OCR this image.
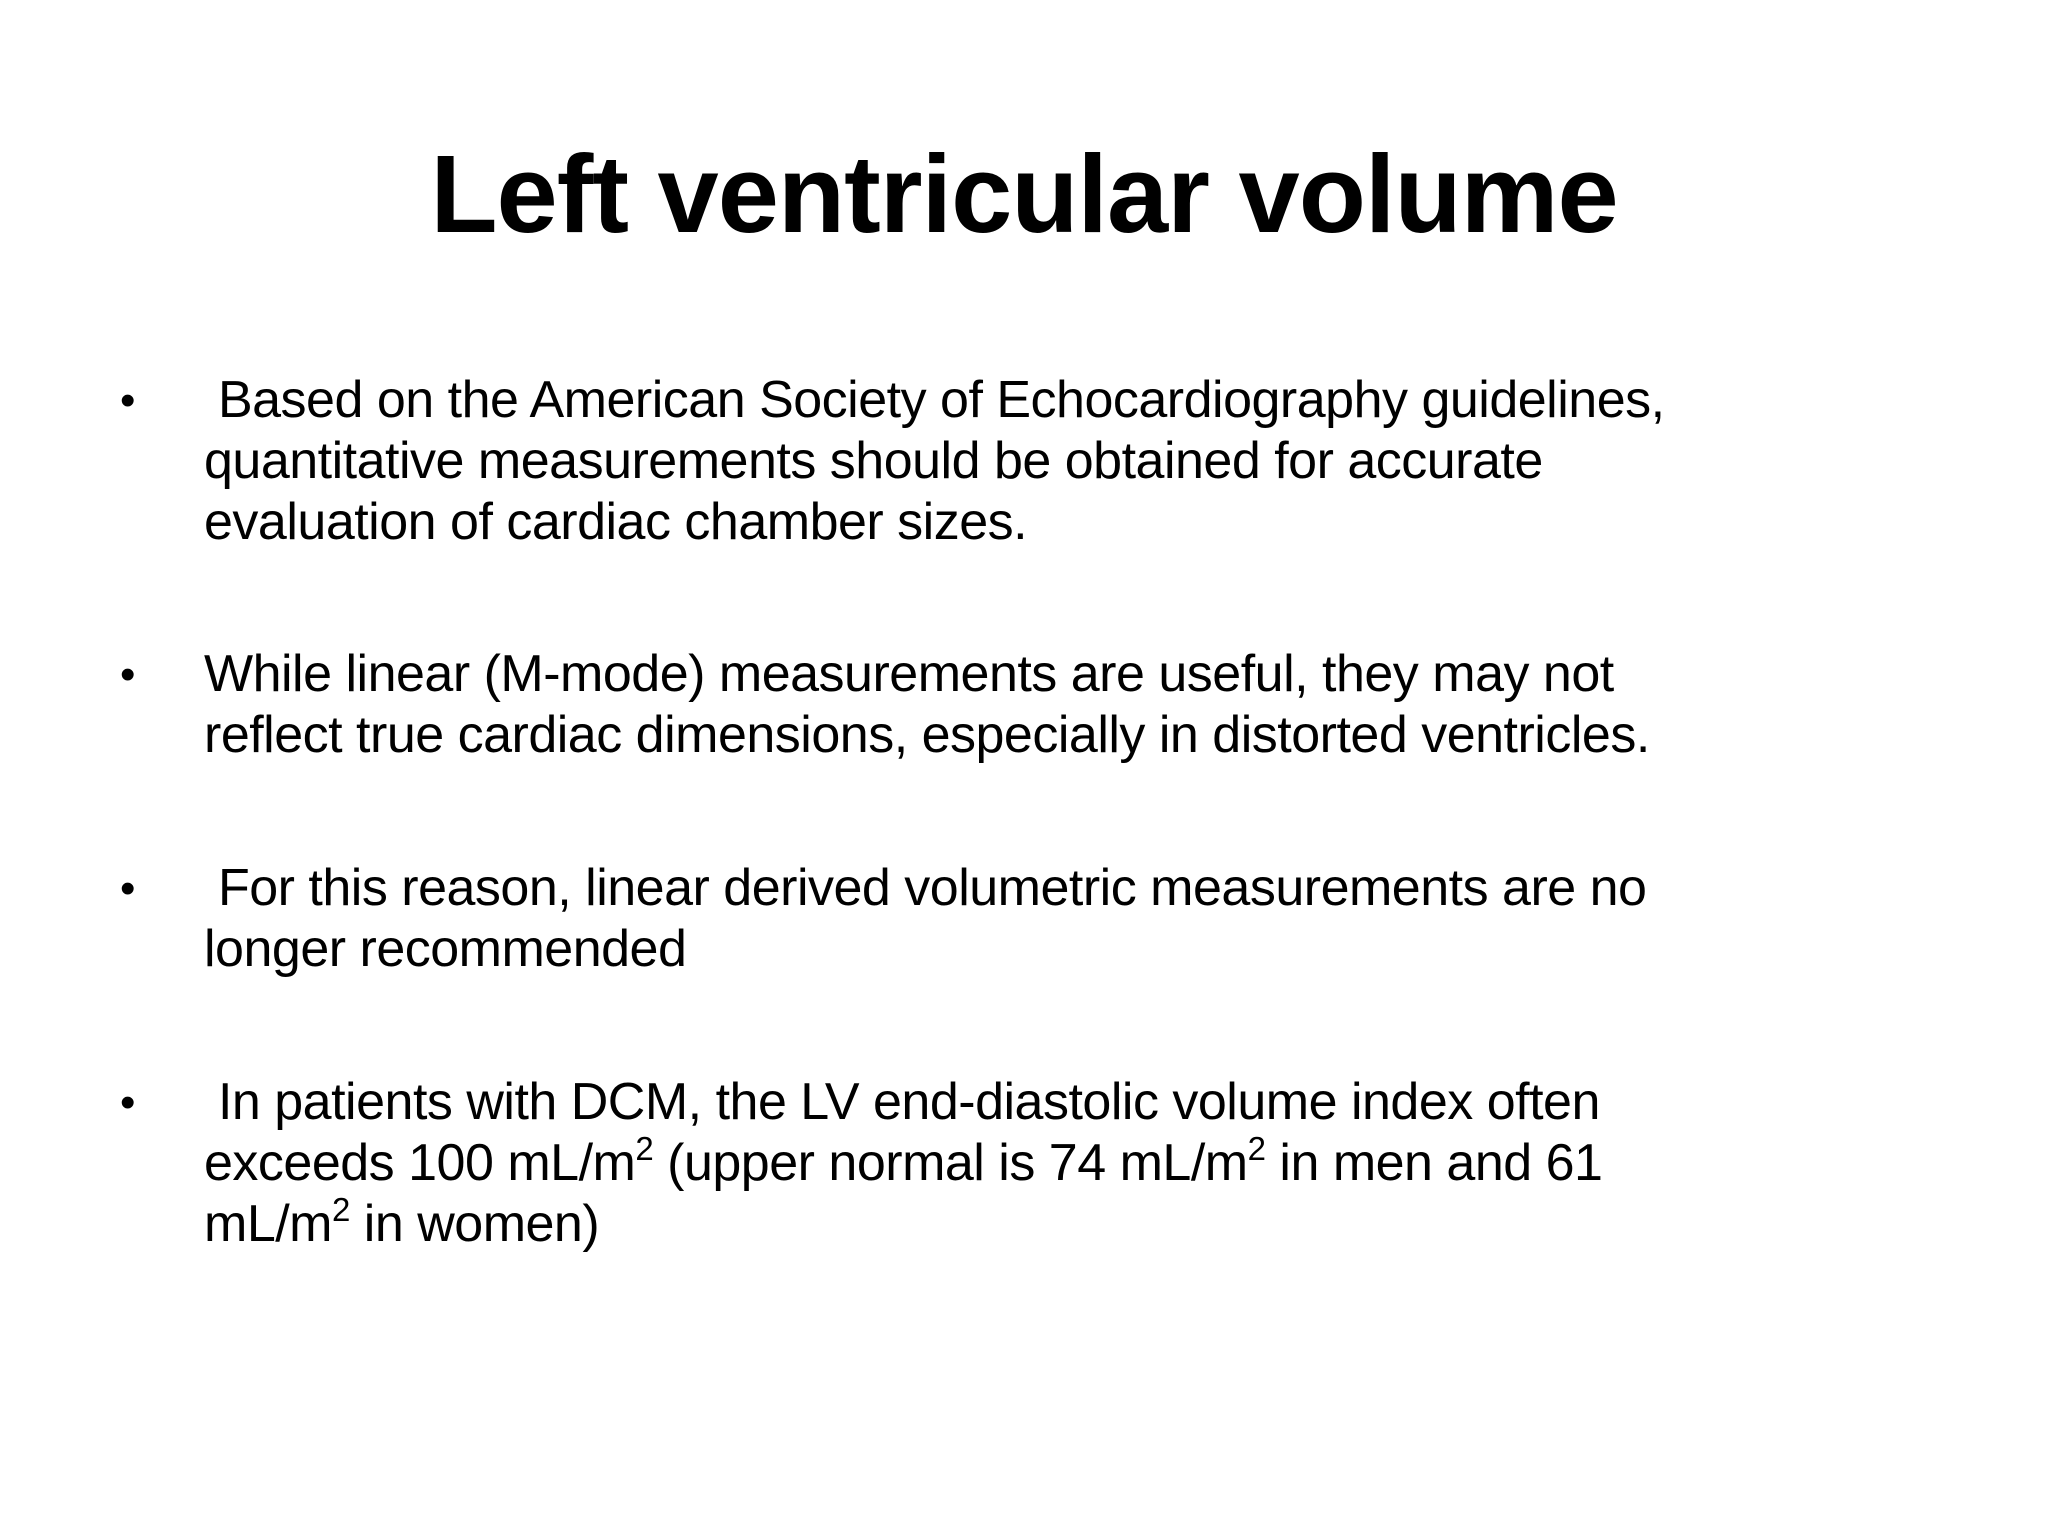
Left ventricular volume
• Based on the American Society of Echocardiography guidelines,
quantitative measurements should be obtained for accurate
evaluation of cardiac chamber sizes.
• While linear (M-mode) measurements are useful, they may not
reflect true cardiac dimensions, especially in distorted ventricles.
• For this reason, linear derived volumetric measurements are no
longer recommended
• In patients with DCM, the LV end-diastolic volume index often
exceeds 100 $mL/m^2$ (upper normal is 74 $mL/m^2$ in men and 61
$mL/m^2$ in women)
